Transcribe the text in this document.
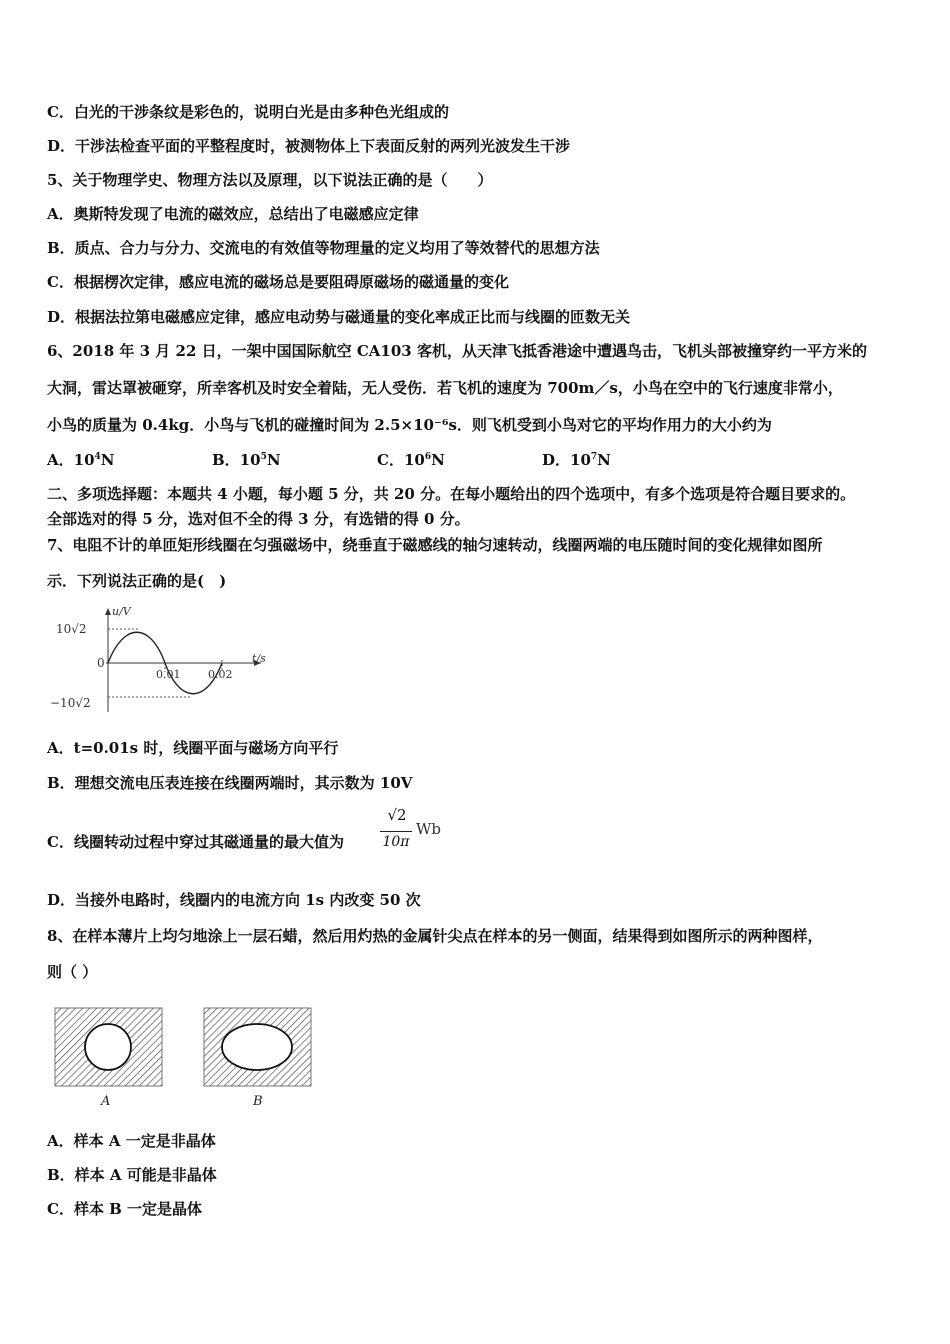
C．白光的干涉条纹是彩色的，说明白光是由多种色光组成的
D．干涉法检查平面的平整程度时，被测物体上下表面反射的两列光波发生干涉
5、关于物理学史、物理方法以及原理，以下说法正确的是（　　）
A．奥斯特发现了电流的磁效应，总结出了电磁感应定律
B．质点、合力与分力、交流电的有效值等物理量的定义均用了等效替代的思想方法
C．根据楞次定律，感应电流的磁场总是要阻碍原磁场的磁通量的变化
D．根据法拉第电磁感应定律，感应电动势与磁通量的变化率成正比而与线圈的匝数无关
6、2018 年 3 月 22 日，一架中国国际航空 CA103 客机，从天津飞抵香港途中遭遇鸟击，飞机头部被撞穿约一平方米的
大洞，雷达罩被砸穿，所幸客机及时安全着陆，无人受伤．若飞机的速度为 700m／s，小鸟在空中的飞行速度非常小，
小鸟的质量为 0.4kg．小鸟与飞机的碰撞时间为 2.5×10⁻⁶s．则飞机受到小鸟对它的平均作用力的大小约为
A．$10^4N$	B．$10^5N$	C．$10^6N$	D．$10^7N$
二、多项选择题：本题共 4 小题，每小题 5 分，共 20 分。在每小题给出的四个选项中，有多个选项是符合题目要求的。
全部选对的得 5 分，选对但不全的得 3 分，有选错的得 0 分。
7、电阻不计的单匝矩形线圈在匀强磁场中，绕垂直于磁感线的轴匀速转动，线圈两端的电压随时间的变化规律如图所
示．下列说法正确的是(　)
u/V
t/s
10√2
−10√2
0
0.01	0.02
A．t=0.01s 时，线圈平面与磁场方向平行
B．理想交流电压表连接在线圈两端时，其示数为 10V
C．线圈转动过程中穿过其磁通量的最大值为
√2
10π
Wb
D．当接外电路时，线圈内的电流方向 1s 内改变 50 次
8、在样本薄片上均匀地涂上一层石蜡，然后用灼热的金属针尖点在样本的另一侧面，结果得到如图所示的两种图样，
则（ ）
A	B
A．样本 A 一定是非晶体
B．样本 A 可能是非晶体
C．样本 B 一定是晶体
